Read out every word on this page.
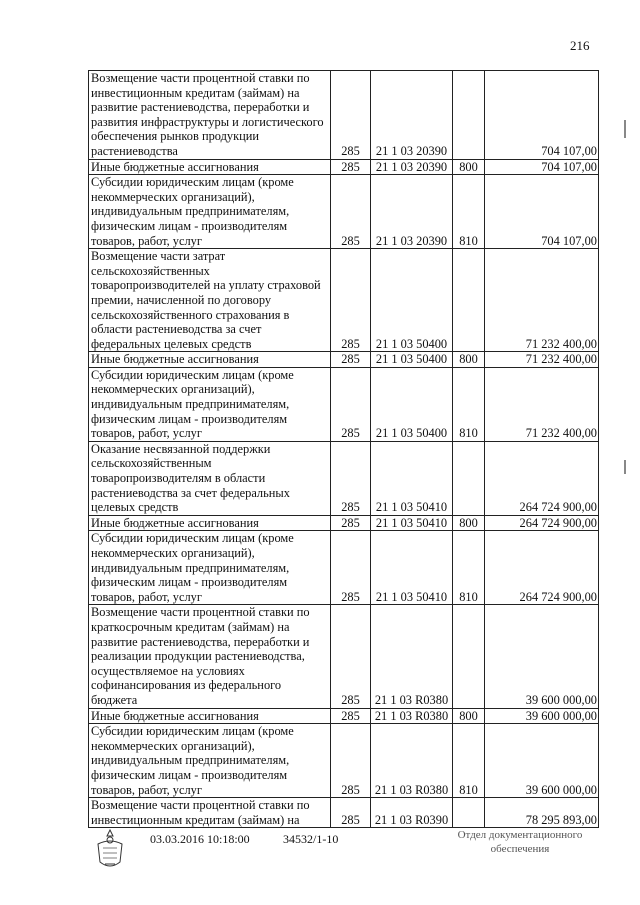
216
Возмещение части процентной ставки по инвестиционным кредитам (займам) на развитие растениеводства, переработки и развития инфраструктуры и логистического обеспечения рынков продукции растениеводства	285	21 1 03 20390		704 107,00
Иные бюджетные ассигнования	285	21 1 03 20390	800	704 107,00
Субсидии юридическим лицам (кроме некоммерческих организаций), индивидуальным предпринимателям, физическим лицам - производителям товаров, работ, услуг	285	21 1 03 20390	810	704 107,00
Возмещение части затрат сельскохозяйственных товаропроизводителей на уплату страховой премии, начисленной по договору сельскохозяйственного страхования в области растениеводства за счет федеральных целевых средств	285	21 1 03 50400		71 232 400,00
Иные бюджетные ассигнования	285	21 1 03 50400	800	71 232 400,00
Субсидии юридическим лицам (кроме некоммерческих организаций), индивидуальным предпринимателям, физическим лицам - производителям товаров, работ, услуг	285	21 1 03 50400	810	71 232 400,00
Оказание несвязанной поддержки сельскохозяйственным товаропроизводителям в области растениеводства за счет федеральных целевых средств	285	21 1 03 50410		264 724 900,00
Иные бюджетные ассигнования	285	21 1 03 50410	800	264 724 900,00
Субсидии юридическим лицам (кроме некоммерческих организаций), индивидуальным предпринимателям, физическим лицам - производителям товаров, работ, услуг	285	21 1 03 50410	810	264 724 900,00
Возмещение части процентной ставки по краткосрочным кредитам (займам) на развитие растениеводства, переработки и реализации продукции растениеводства, осуществляемое на условиях софинансирования из федерального бюджета	285	21 1 03 R0380		39 600 000,00
Иные бюджетные ассигнования	285	21 1 03 R0380	800	39 600 000,00
Субсидии юридическим лицам (кроме некоммерческих организаций), индивидуальным предпринимателям, физическим лицам - производителям товаров, работ, услуг	285	21 1 03 R0380	810	39 600 000,00
Возмещение части процентной ставки по инвестиционным кредитам (займам) на	285	21 1 03 R0390		78 295 893,00
03.03.2016 10:18:00	34532/1-10	Отдел документационного
обеспечения
